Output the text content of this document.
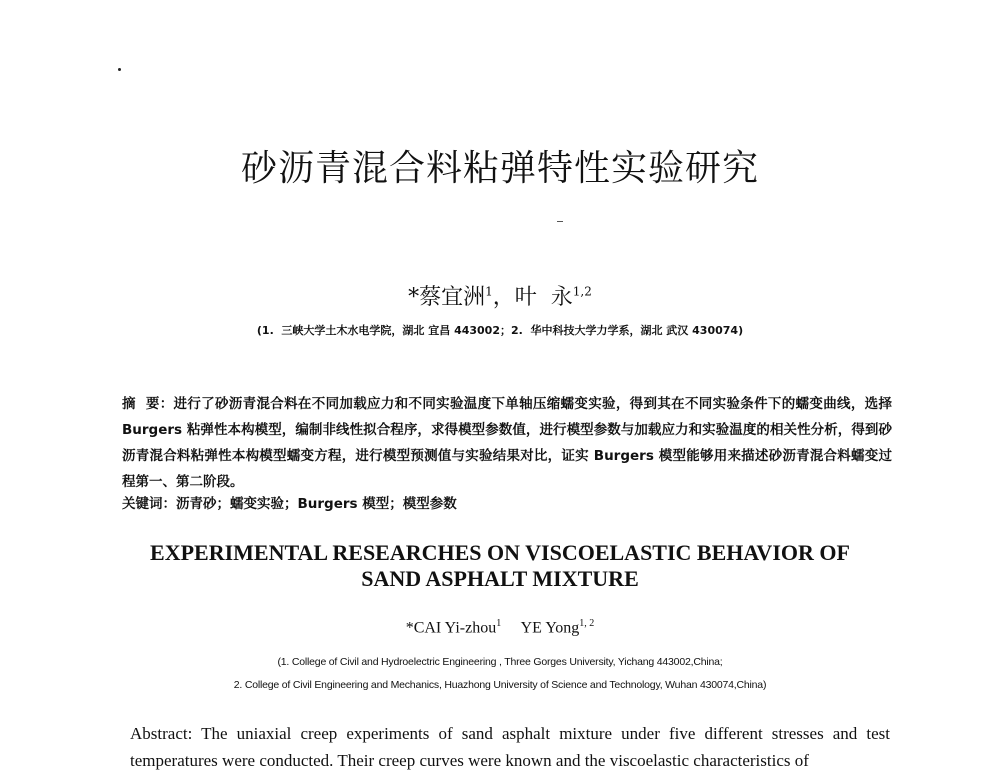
砂沥青混合料粘弹特性实验研究
*蔡宜洲$^1$，叶  永$^{1,2}$
(1.  三峡大学土木水电学院，湖北 宜昌 443002；2.  华中科技大学力学系，湖北 武汉 430074)
摘  要：进行了砂沥青混合料在不同加载应力和不同实验温度下单轴压缩蠕变实验，得到其在不同实验条件下的蠕变曲线，选择 Burgers 粘弹性本构模型，编制非线性拟合程序，求得模型参数值，进行模型参数与加载应力和实验温度的相关性分析，得到砂沥青混合料粘弹性本构模型蠕变方程，进行模型预测值与实验结果对比，证实 Burgers 模型能够用来描述砂沥青混合料蠕变过程第一、第二阶段。
关键词：沥青砂；蠕变实验；Burgers 模型；模型参数
EXPERIMENTAL RESEARCHES ON VISCOELASTIC BEHAVIOR OF
SAND ASPHALT MIXTURE
*CAI Yi-zhou$^1$ YE Yong$^{1, 2}$
(1. College of Civil and Hydroelectric Engineering , Three Gorges University, Yichang 443002,China;
2. College of Civil Engineering and Mechanics, Huazhong University of Science and Technology, Wuhan 430074,China)
Abstract: The uniaxial creep experiments of sand asphalt mixture under five different stresses and test temperatures were conducted. Their creep curves were known and the viscoelastic characteristics of
